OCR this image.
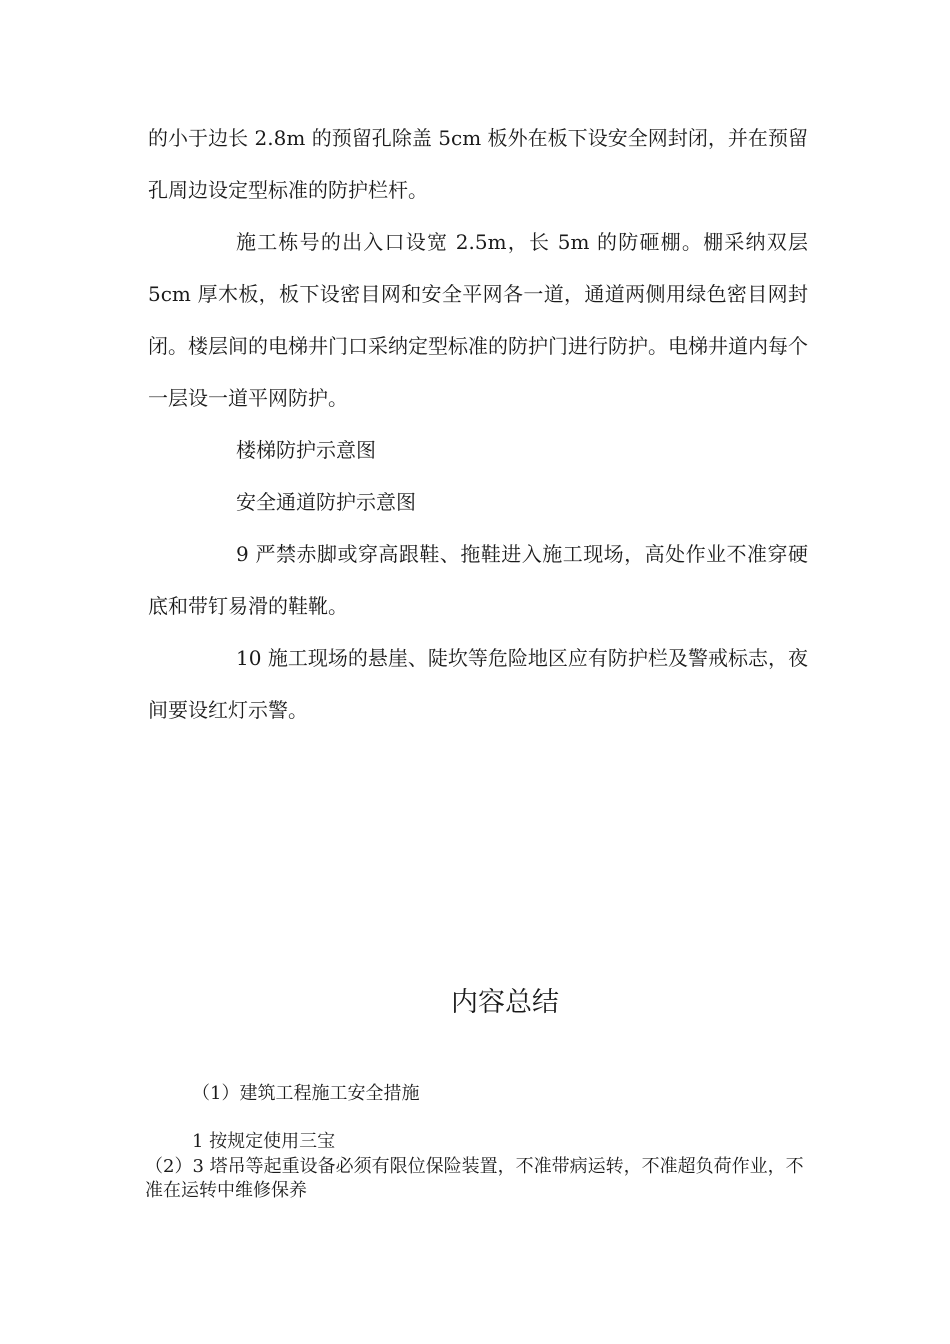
的小于边长 2.8m 的预留孔除盖 5cm 板外在板下设安全网封闭，并在预留孔周边设定型标准的防护栏杆。

施工栋号的出入口设宽 2.5m，长 5m 的防砸棚。棚采纳双层 5cm 厚木板，板下设密目网和安全平网各一道，通道两侧用绿色密目网封闭。楼层间的电梯井门口采纳定型标准的防护门进行防护。电梯井道内每个一层设一道平网防护。

楼梯防护示意图

安全通道防护示意图

9 严禁赤脚或穿高跟鞋、拖鞋进入施工现场，高处作业不准穿硬底和带钉易滑的鞋靴。

10 施工现场的悬崖、陡坎等危险地区应有防护栏及警戒标志，夜间要设红灯示警。

内容总结

（1）建筑工程施工安全措施

1 按规定使用三宝

（2）3 塔吊等起重设备必须有限位保险装置，不准带病运转，不准超负荷作业，不准在运转中维修保养
